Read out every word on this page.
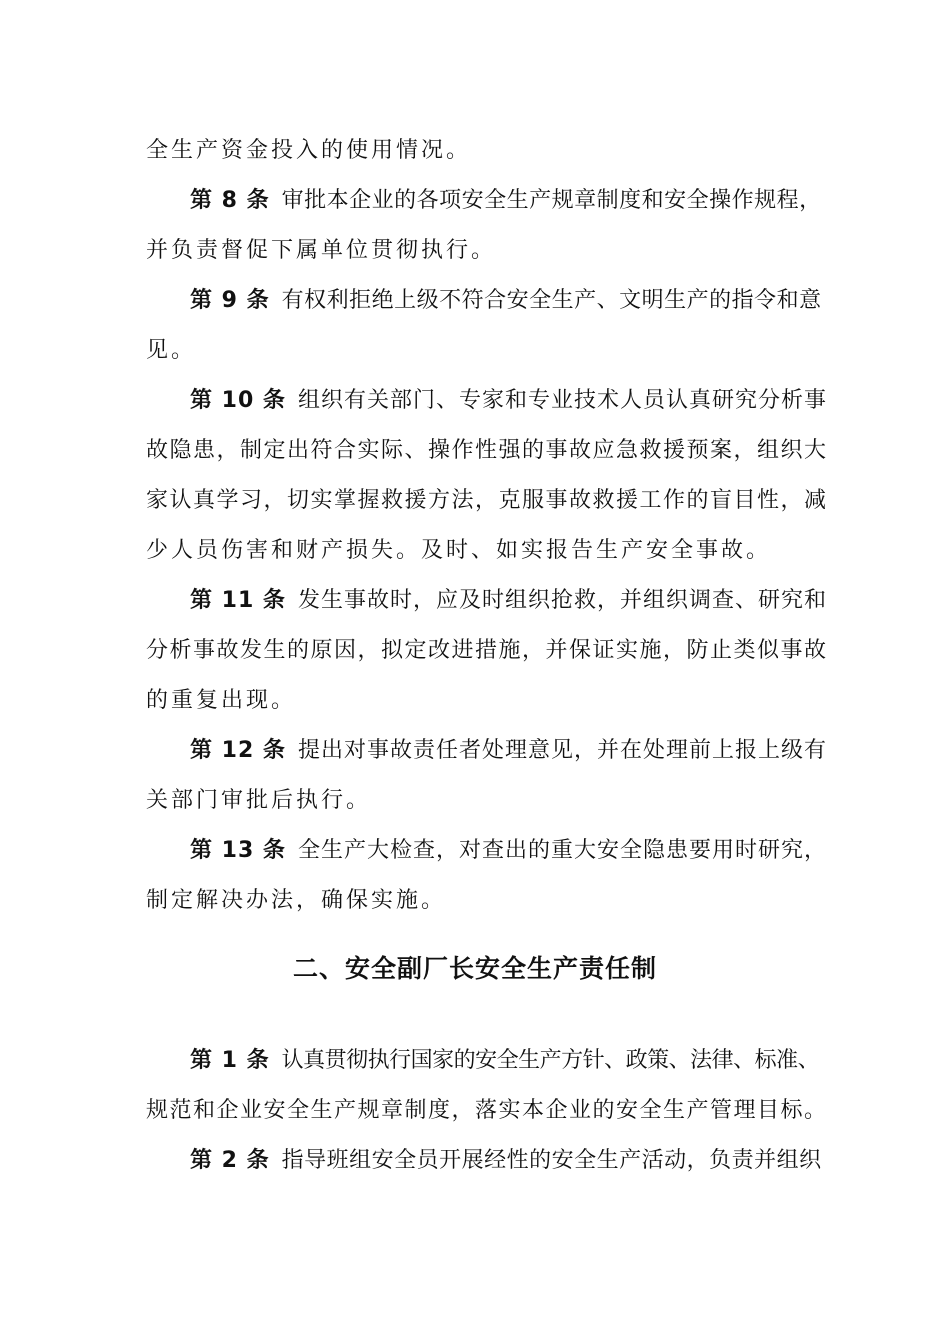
全生产资金投入的使用情况。
第 8 条 审批本企业的各项安全生产规章制度和安全操作规程，
并负责督促下属单位贯彻执行。
第 9 条 有权利拒绝上级不符合安全生产、文明生产的指令和意
见。
第 10 条 组织有关部门、专家和专业技术人员认真研究分析事
故隐患，制定出符合实际、操作性强的事故应急救援预案，组织大
家认真学习，切实掌握救援方法，克服事故救援工作的盲目性，减
少人员伤害和财产损失。及时、如实报告生产安全事故。
第 11 条 发生事故时，应及时组织抢救，并组织调查、研究和
分析事故发生的原因，拟定改进措施，并保证实施，防止类似事故
的重复出现。
第 12 条 提出对事故责任者处理意见，并在处理前上报上级有
关部门审批后执行。
第 13 条 全生产大检查，对查出的重大安全隐患要用时研究，
制定解决办法，确保实施。
二、安全副厂长安全生产责任制
第 1 条 认真贯彻执行国家的安全生产方针、政策、法律、标准、
规范和企业安全生产规章制度，落实本企业的安全生产管理目标。
第 2 条 指导班组安全员开展经性的安全生产活动，负责并组织
